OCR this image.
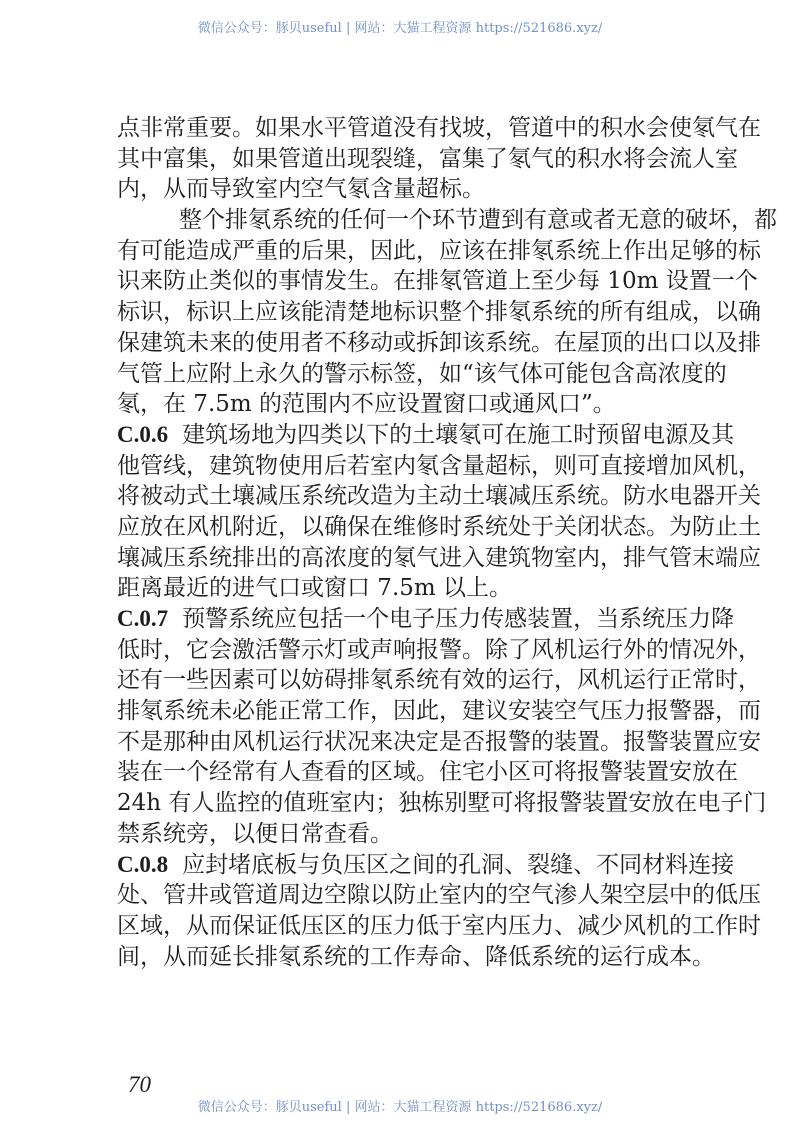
微信公众号：豚贝useful | 网站：大猫工程资源 https://521686.xyz/
点非常重要。如果水平管道没有找坡，管道中的积水会使氡气在
其中富集，如果管道出现裂缝，富集了氡气的积水将会流人室
内，从而导致室内空气氡含量超标。
整个排氡系统的任何一个环节遭到有意或者无意的破坏，都
有可能造成严重的后果，因此，应该在排氡系统上作出足够的标
识来防止类似的事情发生。在排氡管道上至少每 10m 设置一个
标识，标识上应该能清楚地标识整个排氡系统的所有组成，以确
保建筑未来的使用者不移动或拆卸该系统。在屋顶的出口以及排
气管上应附上永久的警示标签，如“该气体可能包含高浓度的
氡，在 7.5m 的范围内不应设置窗口或通风口”。
C.0.6 建筑场地为四类以下的土壤氡可在施工时预留电源及其
他管线，建筑物使用后若室内氡含量超标，则可直接增加风机，
将被动式土壤减压系统改造为主动土壤减压系统。防水电器开关
应放在风机附近，以确保在维修时系统处于关闭状态。为防止土
壤减压系统排出的高浓度的氡气进入建筑物室内，排气管末端应
距离最近的进气口或窗口 7.5m 以上。
C.0.7 预警系统应包括一个电子压力传感装置，当系统压力降
低时，它会激活警示灯或声响报警。除了风机运行外的情况外，
还有一些因素可以妨碍排氡系统有效的运行，风机运行正常时，
排氡系统未必能正常工作，因此，建议安装空气压力报警器，而
不是那种由风机运行状况来决定是否报警的装置。报警装置应安
装在一个经常有人查看的区域。住宅小区可将报警装置安放在
24h 有人监控的值班室内；独栋别墅可将报警装置安放在电子门
禁系统旁，以便日常查看。
C.0.8 应封堵底板与负压区之间的孔洞、裂缝、不同材料连接
处、管井或管道周边空隙以防止室内的空气渗人架空层中的低压
区域，从而保证低压区的压力低于室内压力、减少风机的工作时
间，从而延长排氡系统的工作寿命、降低系统的运行成本。
70
微信公众号：豚贝useful | 网站：大猫工程资源 https://521686.xyz/
